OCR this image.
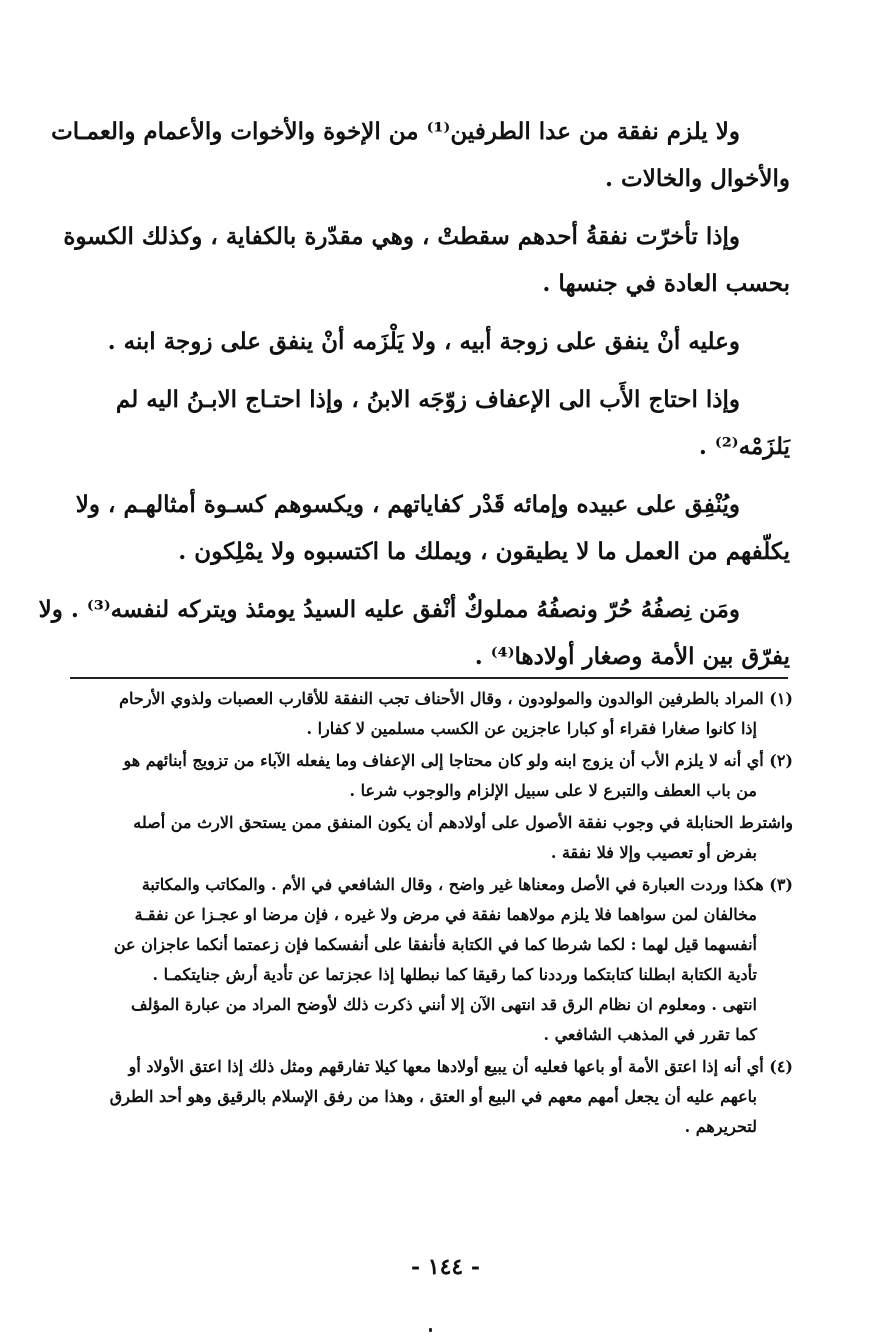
ولا يلزم نفقة من عدا الطرفين⁽¹⁾ من الإخوة والأخوات والأعمام والعمـات
والأخوال والخالات .

وإذا تأخرّت نفقةُ أحدهم سقطتْ ، وهي مقدّرة بالكفاية ، وكذلك الكسوة
بحسب العادة في جنسها .

وعليه أنْ ينفق على زوجة أبيه ، ولا يَلْزَمه أنْ ينفق على زوجة ابنه .

وإذا احتاج الأَب الى الإعفاف زوّجَه الابنُ ، وإذا احتـاج الابـنُ اليه لم
يَلزَمْه⁽²⁾ .

ويُنْفِق على عبيده وإمائه قَدْر كفاياتهم ، ويكسوهم كسـوة أمثالهـم ، ولا
يكلّفهم من العمل ما لا يطيقون ، ويملك ما اكتسبوه ولا يمْلِكون .

ومَن نِصفُهُ حُرّ ونصفُهُ مملوكٌ أنْفق عليه السيدُ يومئذ ويتركه لنفسه⁽³⁾ . ولا
يفرّق بين الأمة وصغار أولادها⁽⁴⁾ .

(١) المراد بالطرفين الوالدون والمولودون ، وقال الأحناف تجب النفقة للأقارب العصبات ولذوي الأرحام
إذا كانوا صغارا فقراء أو كبارا عاجزين عن الكسب مسلمين لا كفارا .

(٢) أي أنه لا يلزم الأب أن يزوج ابنه ولو كان محتاجا إلى الإعفاف وما يفعله الآباء من تزويج أبنائهم هو
من باب العطف والتبرع لا على سبيل الإلزام والوجوب شرعا .

واشترط الحنابلة في وجوب نفقة الأصول على أولادهم أن يكون المنفق ممن يستحق الارث من أصله
بفرض أو تعصيب وإلا فلا نفقة .

(٣) هكذا وردت العبارة في الأصل ومعناها غير واضح ، وقال الشافعي في الأم . والمكاتب والمكاتبة
مخالفان لمن سواهما فلا يلزم مولاهما نفقة في مرض ولا غيره ، فإن مرضا او عجـزا عن نفقـة
أنفسهما قيل لهما : لكما شرطا كما في الكتابة فأنفقا على أنفسكما فإن زعمتما أنكما عاجزان عن
تأدية الكتابة ابطلنا كتابتكما ورددنا كما رقيقا كما نبطلها إذا عجزتما عن تأدية أرش جنايتكمـا .
انتهى . ومعلوم ان نظام الرق قد انتهى الآن إلا أنني ذكرت ذلك لأوضح المراد من عبارة المؤلف
كما تقرر في المذهب الشافعي .

(٤) أي أنه إذا اعتق الأمة أو باعها فعليه أن يبيع أولادها معها كيلا تفارقهم ومثل ذلك إذا اعتق الأولاد أو
باعهم عليه أن يجعل أمهم معهم في البيع أو العتق ، وهذا من رفق الإسلام بالرقيق وهو أحد الطرق
لتحريرهم .

- ١٤٤ -
